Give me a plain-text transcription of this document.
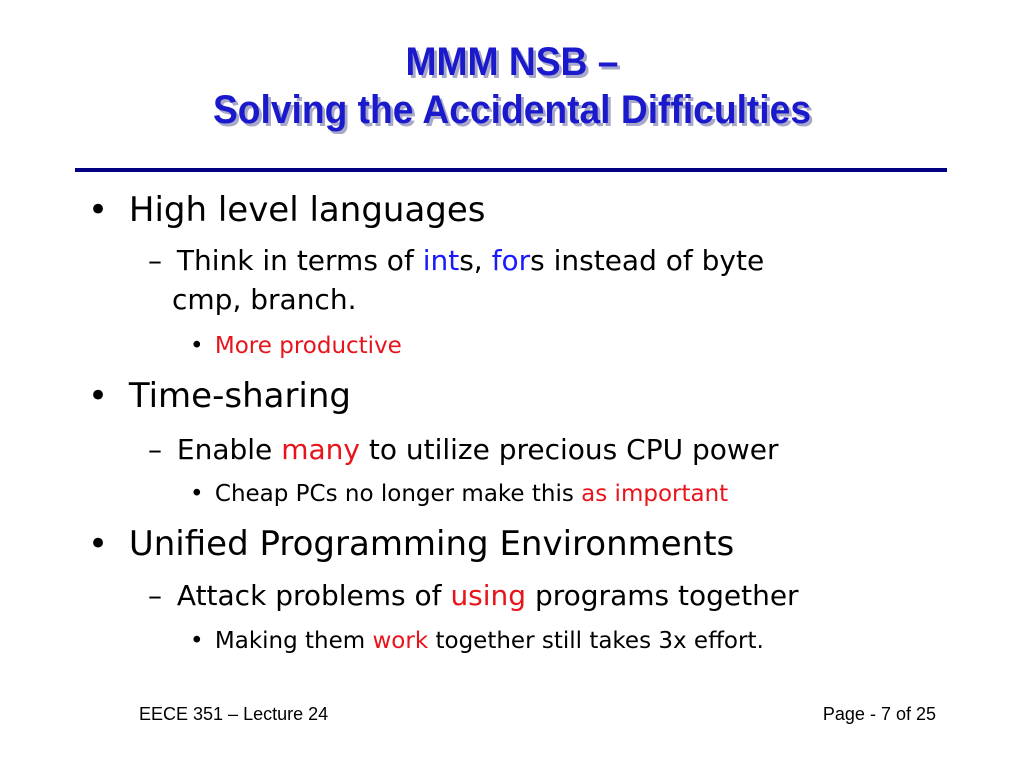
MMM NSB –
Solving the Accidental Difficulties
• High level languages
– Think in terms of ints, fors instead of byte
cmp, branch.
• More productive
• Time-sharing
– Enable many to utilize precious CPU power
• Cheap PCs no longer make this as important
• Unified Programming Environments
– Attack problems of using programs together
• Making them work together still takes 3x effort.
EECE 351 – Lecture 24	Page - 7 of 25
